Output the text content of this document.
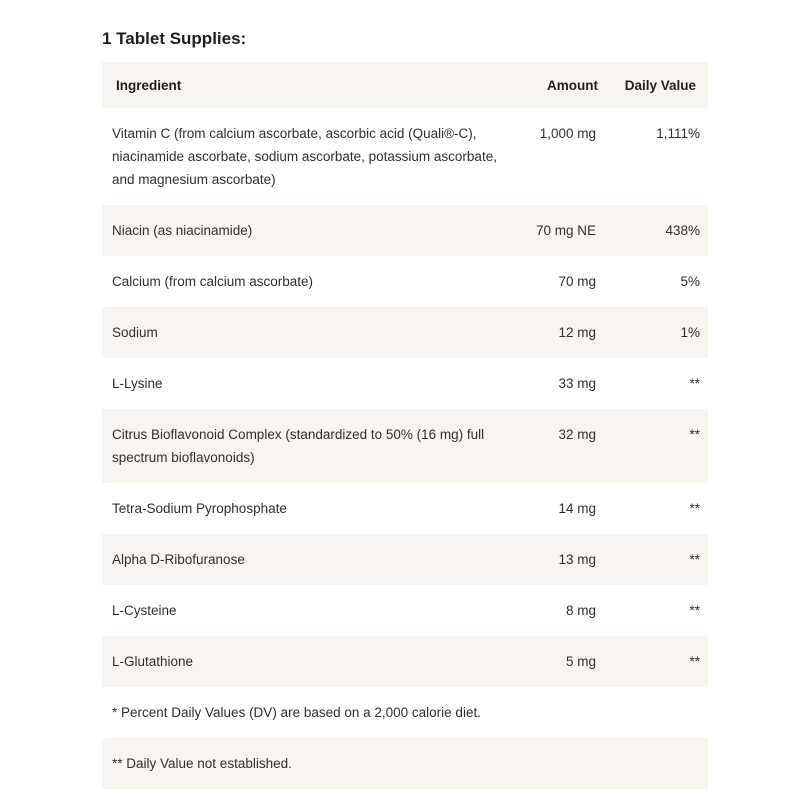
1 Tablet Supplies:
Ingredient	Amount	Daily Value
Vitamin C (from calcium ascorbate, ascorbic acid (Quali®-C), niacinamide ascorbate, sodium ascorbate, potassium ascorbate, and magnesium ascorbate)	1,000 mg	1,111%
Niacin (as niacinamide)	70 mg NE	438%
Calcium (from calcium ascorbate)	70 mg	5%
Sodium	12 mg	1%
L-Lysine	33 mg	**
Citrus Bioflavonoid Complex (standardized to 50% (16 mg) full spectrum bioflavonoids)	32 mg	**
Tetra-Sodium Pyrophosphate	14 mg	**
Alpha D-Ribofuranose	13 mg	**
L-Cysteine	8 mg	**
L-Glutathione	5 mg	**
* Percent Daily Values (DV) are based on a 2,000 calorie diet.		
** Daily Value not established.		
